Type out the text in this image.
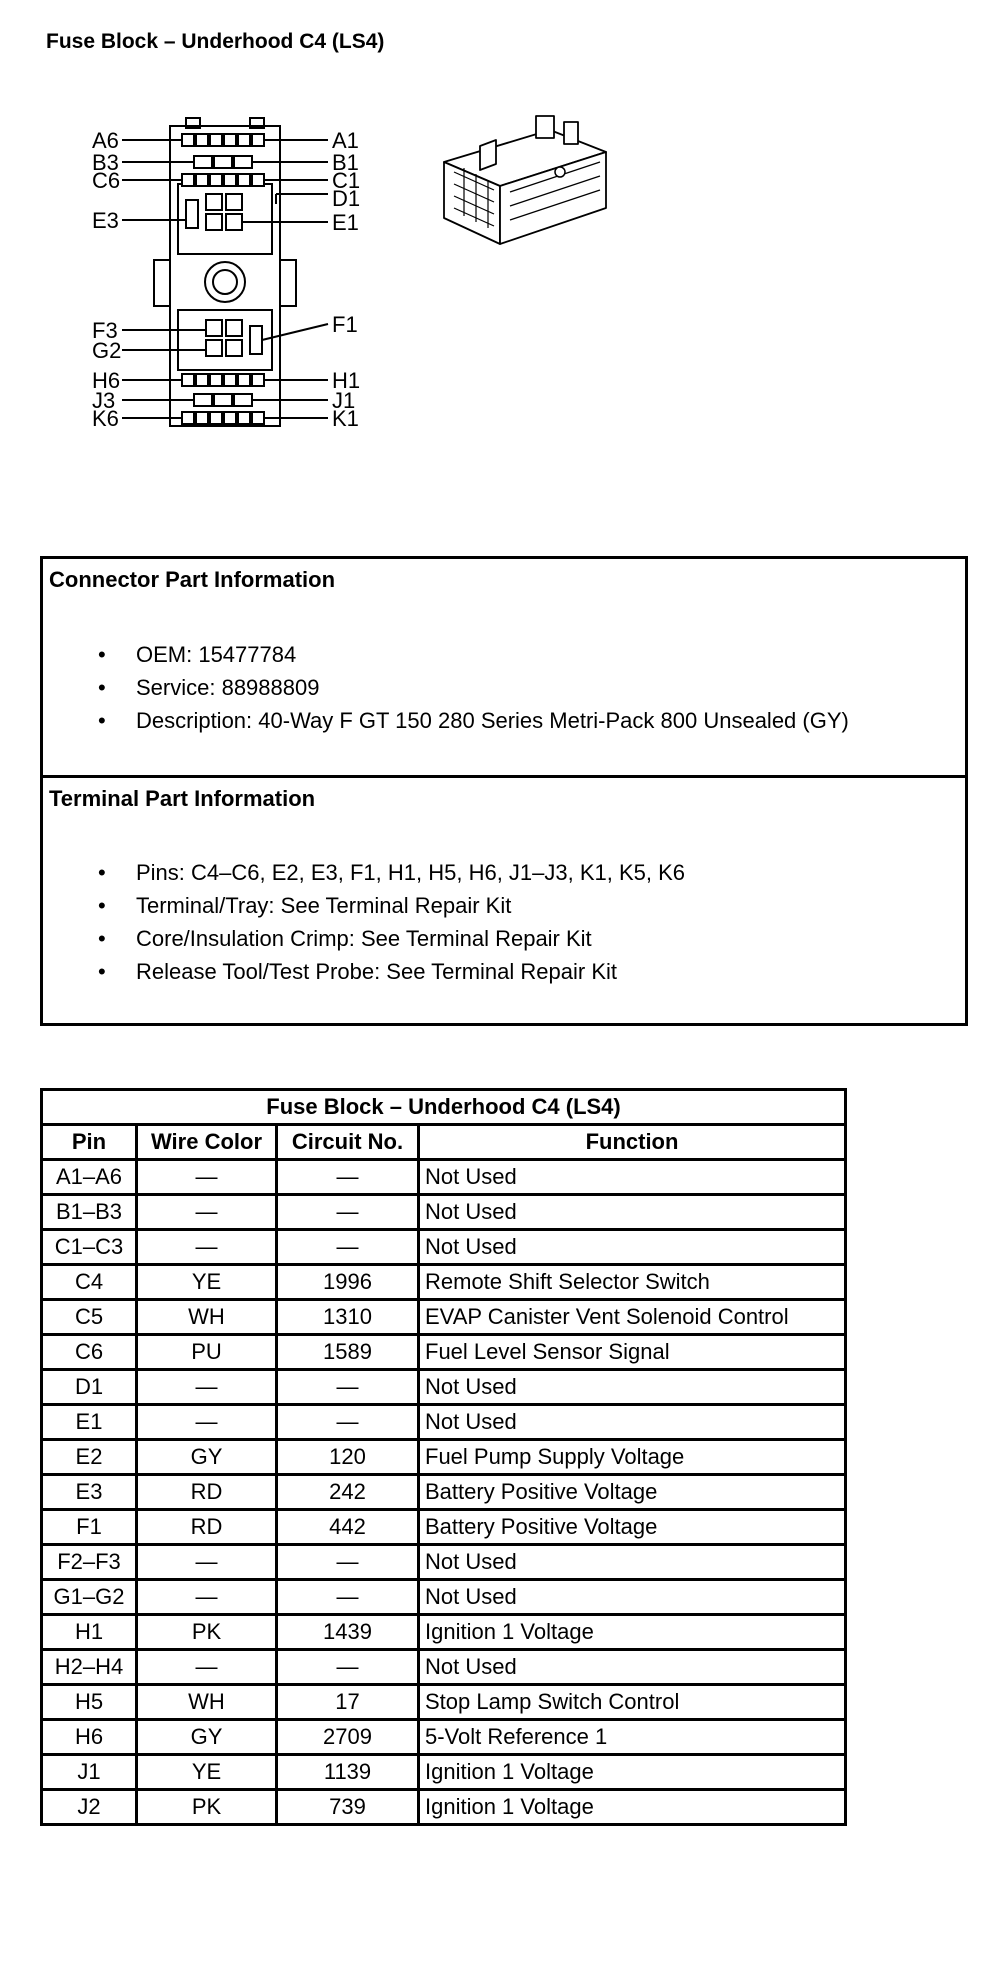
Fuse Block – Underhood C4 (LS4)
A6
B3
C6
E3
F3
G2
H6
J3
K6
A1
B1
C1
D1
E1
F1
H1
J1
K1
Connector Part Information
• OEM: 15477784
• Service: 88988809
• Description: 40-Way F GT 150 280 Series Metri-Pack 800 Unsealed (GY)
Terminal Part Information
• Pins: C4–C6, E2, E3, F1, H1, H5, H6, J1–J3, K1, K5, K6
• Terminal/Tray: See Terminal Repair Kit
• Core/Insulation Crimp: See Terminal Repair Kit
• Release Tool/Test Probe: See Terminal Repair Kit
Fuse Block – Underhood C4 (LS4)			
Pin	Wire Color	Circuit No.	Function
A1–A6	—	—	Not Used
B1–B3	—	—	Not Used
C1–C3	—	—	Not Used
C4	YE	1996	Remote Shift Selector Switch
C5	WH	1310	EVAP Canister Vent Solenoid Control
C6	PU	1589	Fuel Level Sensor Signal
D1	—	—	Not Used
E1	—	—	Not Used
E2	GY	120	Fuel Pump Supply Voltage
E3	RD	242	Battery Positive Voltage
F1	RD	442	Battery Positive Voltage
F2–F3	—	—	Not Used
G1–G2	—	—	Not Used
H1	PK	1439	Ignition 1 Voltage
H2–H4	—	—	Not Used
H5	WH	17	Stop Lamp Switch Control
H6	GY	2709	5-Volt Reference 1
J1	YE	1139	Ignition 1 Voltage
J2	PK	739	Ignition 1 Voltage
